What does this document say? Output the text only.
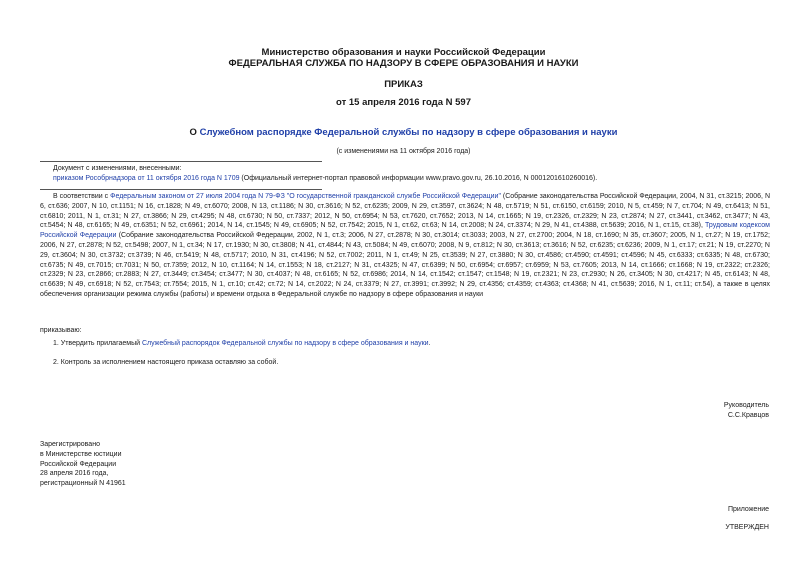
Министерство образования и науки Российской Федерации
ФЕДЕРАЛЬНАЯ СЛУЖБА ПО НАДЗОРУ В СФЕРЕ ОБРАЗОВАНИЯ И НАУКИ
ПРИКАЗ
от 15 апреля 2016 года N 597
О Служебном распорядке Федеральной службы по надзору в сфере образования и науки
(с изменениями на 11 октября 2016 года)

Документ с изменениями, внесенными:

приказом Рособрнадзора от 11 октября 2016 года N 1709 (Официальный интернет-портал правовой информации www.pravo.gov.ru, 26.10.2016, N 0001201610260016).

В соответствии с Федеральным законом от 27 июля 2004 года N 79-ФЗ "О государственной гражданской службе Российской Федерации" (Собрание законодательства Российской Федерации, 2004, N 31, ст.3215; 2006, N 6, ст.636; 2007, N 10, ст.1151; N 16, ст.1828; N 49, ст.6070; 2008, N 13, ст.1186; N 30, ст.3616; N 52, ст.6235; 2009, N 29, ст.3597, ст.3624; N 48, ст.5719; N 51, ст.6150, ст.6159; 2010, N 5, ст.459; N 7, ст.704; N 49, ст.6413; N 51, ст.6810; 2011, N 1, ст.31; N 27, ст.3866; N 29, ст.4295; N 48, ст.6730; N 50, ст.7337; 2012, N 50, ст.6954; N 53, ст.7620, ст.7652; 2013, N 14, ст.1665; N 19, ст.2326, ст.2329; N 23, ст.2874; N 27, ст.3441, ст.3462, ст.3477; N 43, ст.5454; N 48, ст.6165; N 49, ст.6351; N 52, ст.6961; 2014, N 14, ст.1545; N 49, ст.6905; N 52, ст.7542; 2015, N 1, ст.62, ст.63; N 14, ст.2008; N 24, ст.3374; N 29, N 41, ст.4388, ст.5639; 2016, N 1, ст.15, ст.38), Трудовым кодексом Российской Федерации (Собрание законодательства Российской Федерации, 2002, N 1, ст.3; 2006, N 27, ст.2878; N 30, ст.3014; ст.3033; 2003, N 27, ст.2700; 2004, N 18, ст.1690; N 35, ст.3607; 2005, N 1, ст.27; N 19, ст.1752; 2006, N 27, ст.2878; N 52, ст.5498; 2007, N 1, ст.34; N 17, ст.1930; N 30, ст.3808; N 41, ст.4844; N 43, ст.5084; N 49, ст.6070; 2008, N 9, ст.812; N 30, ст.3613; ст.3616; N 52, ст.6235; ст.6236; 2009, N 1, ст.17; ст.21; N 19, ст.2270; N 29, ст.3604; N 30, ст.3732; ст.3739; N 46, ст.5419; N 48, ст.5717; 2010, N 31, ст.4196; N 52, ст.7002; 2011, N 1, ст.49; N 25, ст.3539; N 27, ст.3880; N 30, ст.4586; ст.4590; ст.4591; ст.4596; N 45, ст.6333; ст.6335; N 48, ст.6730; ст.6735; N 49, ст.7015; ст.7031; N 50, ст.7359; 2012, N 10, ст.1164; N 14, ст.1553; N 18, ст.2127; N 31, ст.4325; N 47, ст.6399; N 50, ст.6954; ст.6957; ст.6959; N 53, ст.7605; 2013, N 14, ст.1666; ст.1668; N 19, ст.2322; ст.2326; ст.2329; N 23, ст.2866; ст.2883; N 27, ст.3449; ст.3454; ст.3477; N 30, ст.4037; N 48, ст.6165; N 52, ст.6986; 2014, N 14, ст.1542; ст.1547; ст.1548; N 19, ст.2321; N 23, ст.2930; N 26, ст.3405; N 30, ст.4217; N 45, ст.6143; N 48, ст.6639; N 49, ст.6918; N 52, ст.7543; ст.7554; 2015, N 1, ст.10; ст.42; ст.72; N 14, ст.2022; N 24, ст.3379; N 27, ст.3991; ст.3992; N 29, ст.4356; ст.4359; ст.4363; ст.4368; N 41, ст.5639; 2016, N 1, ст.11; ст.54), а также в целях обеспечения организации режима службы (работы) и времени отдыха в Федеральной службе по надзору в сфере образования и науки
приказываю:
1. Утвердить прилагаемый Служебный распорядок Федеральной службы по надзору в сфере образования и науки.
2. Контроль за исполнением настоящего приказа оставляю за собой.

Руководитель

С.С.Кравцов

Зарегистрировано

в Министерстве юстиции

Российской Федерации

28 апреля 2016 года,

регистрационный N 41961

Приложение
УТВЕРЖДЕН
